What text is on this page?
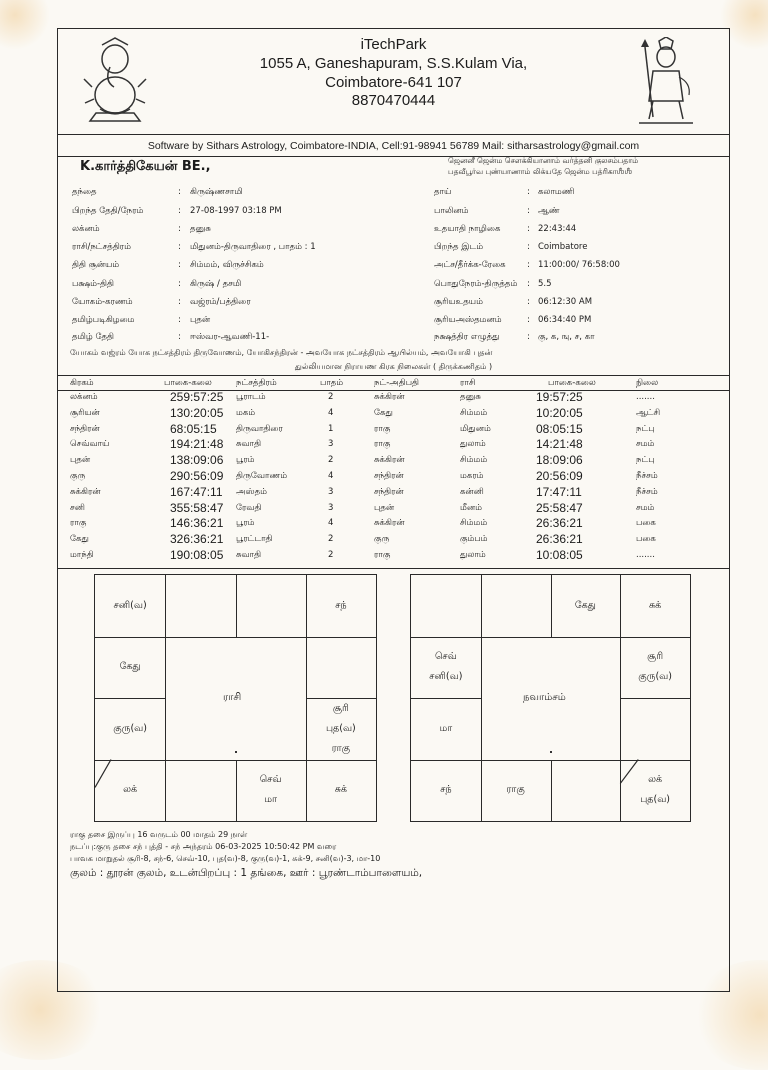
iTechPark
1055 A, Ganeshapuram, S.S.Kulam Via,
Coimbatore-641 107
8870470444
Software by Sithars Astrology, Coimbatore-INDIA, Cell:91-98941 56789 Mail: sitharsastrology@gmail.com
K.கார்த்திகேயன் BE.,	ஜெனனீ ஜென்ம சௌக்கியானாம் வர்த்தனி குலசம்பதாம்
பதவீபூர்வ புண்யாணாம் லிக்யதே ஜென்ம பத்ரிகாஶீஶீ
தந்தை	: கிருஷ்ணசாமி
பிறந்த தேதி/நேரம்	: 27-08-1997 03:18 PM
லக்னம்	: தனுசு
ராசி/நட்சத்திரம்	: மிதுனம்-திருவாதிரை , பாதம் : 1
திதி சூன்யம்	: சிம்மம், விருச்சிகம்
பக்ஷம்-திதி	: கிருஷ் / தசமி
யோகம்-கரணம்	: வஜ்ரம்/பத்திரை
தமிழ்படிகிழமை	: புதன்
தமிழ் தேதி	: ஈஸ்வர-ஆவணி-11-
தாய்	: கலாமணி
பாலினம்	: ஆண்
உதயாதி நாழிகை	: 22:43:44
பிறந்த இடம்	: Coimbatore
அட்ச/தீர்க்க-ரேகை	: 11:00:00/ 76:58:00
பொதுநேரம்-திருத்தம் : 5.5
சூரியஉதயம்	: 06:12:30 AM
சூரியஅஸ்தமனம்	: 06:34:40 PM
நக்ஷத்திர எழுத்து	: கு, க, ஙு, ச, கா
யோகம் வஜ்ரம் யோக நட்சத்திரம் திருவோணம், யோகிசந்திரன் - அவயோக நட்சத்திரம் ஆயில்யம், அவயோகி புதன்
துல்லியமான நிராயண கிரக நிலைகள் ( திருக்கணிதம் )
கிரகம்	பாகை-கலை	நட்சத்திரம்	பாதம்	நட்-அதிபதி	ராசி	பாகை-கலை	நிலை
லக்னம்	259:57:25 பூராடம்	2	சுக்கிரன்	தனுசு	19:57:25	.......
சூரியன்	130:20:05 மகம்	4	கேது	சிம்மம்	10:20:05	ஆட்சி
சந்திரன்	68:05:15 திருவாதிரை	1	ராகு	மிதுனம்	08:05:15	நட்பு
செவ்வாய்	194:21:48 சுவாதி	3	ராகு	துலாம்	14:21:48	சமம்
புதன்	138:09:06 பூரம்	2	சுக்கிரன்	சிம்மம்	18:09:06	நட்பு
குரு	290:56:09 திருவோணம்	4	சந்திரன்	மகரம்	20:56:09	நீச்சம்
சுக்கிரன்	167:47:11 அஸ்தம்	3	சந்திரன்	கன்னி	17:47:11	நீச்சம்
சனி	355:58:47 ரேவதி	3	புதன்	மீனம்	25:58:47	சமம்
ராகு	146:36:21 பூரம்	4	சுக்கிரன்	சிம்மம்	26:36:21	பகை
கேது	326:36:21 பூரட்டாதி	2	குரு	கும்பம்	26:36:21	பகை
மாந்தி	190:08:05 சுவாதி	2	ராகு	துலாம்	10:08:05	.......
ராசி
சனி(வ)	சந்
கேது
குரு(வ)
சூரி
புத(வ)
ராகு
லக்
செவ்
மா
சுக்
நவாம்சம்
கேது	சுக்
செவ்
சனி(வ)
சூரி
குரு(வ)
மா
சந்	ராகு
லக்
புத(வ)
ராகு தசை இருப்பு 16 வருடம் 00 மாதம் 29 நாள்
நடப்பு:குரு தசை சந் புத்தி - சந் அந்தரம் 06-03-2025 10:50:42 PM வரை
பாவக மாறுதல் சூரி-8, சந்-6, செவ்-10, புத(வ)-8, குரு(வ)-1, சுக்-9, சனி(வ)-3, மா-10
குலம் : தூரன் குலம், உடன்பிறப்பு : 1 தங்கை, ஊர் : பூரண்டாம்பாளையம்,
